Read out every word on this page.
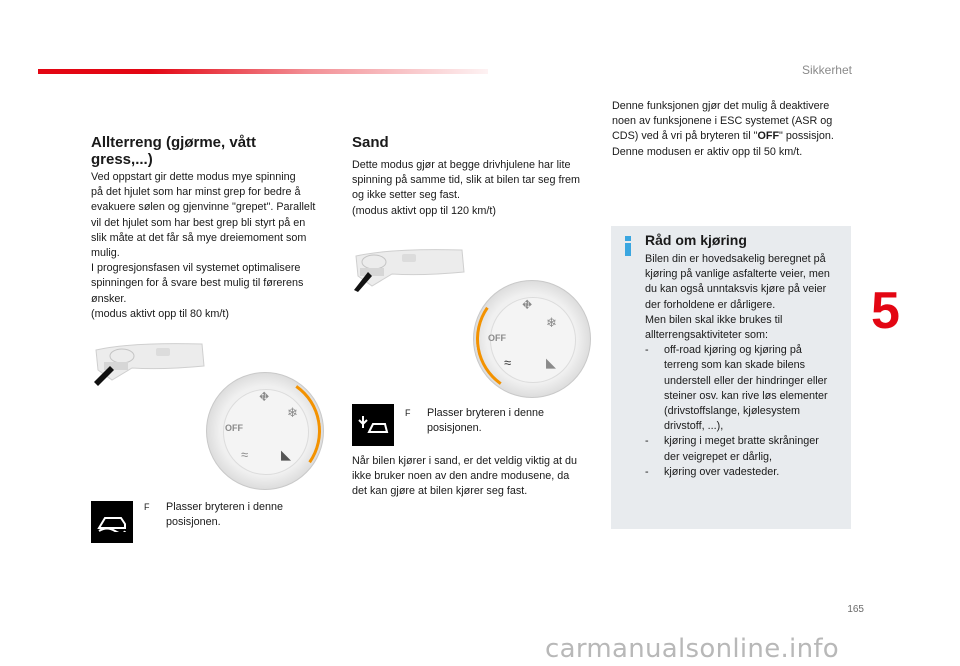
Sikkerhet
5
Allterreng (gjørme, vått gress,...)
Ved oppstart gir dette modus mye spinning
på det hjulet som har minst grep for bedre å
evakuere sølen og gjenvinne "grepet". Parallelt
vil det hjulet som har best grep bli styrt på en
slik måte at det får så mye dreiemoment som
mulig.
I progresjonsfasen vil systemet optimalisere
spinningen for å svare best mulig til førerens
ønsker.
(modus aktivt opp til 80 km/t)
OFF
❄
⛖
≈	◣
F Plasser bryteren i denne
posisjonen.
Sand
Dette modus gjør at begge drivhjulene har lite
spinning på samme tid, slik at bilen tar seg frem
og ikke setter seg fast.
(modus aktivt opp til 120 km/t)
OFF
❄
⛖
≈	◣
F Plasser bryteren i denne
posisjonen.
Når bilen kjører i sand, er det veldig viktig at du
ikke bruker noen av den andre modusene, da
det kan gjøre at bilen kjører seg fast.
Denne funksjonen gjør det mulig å deaktivere
noen av funksjonene i ESC systemet (ASR og
CDS) ved å vri på bryteren til "OFF" possisjon.
Denne modusen er aktiv opp til 50 km/t.
Råd om kjøring
Bilen din er hovedsakelig beregnet på
kjøring på vanlige asfalterte veier, men
du kan også unntaksvis kjøre på veier
der forholdene er dårligere.
Men bilen skal ikke brukes til
allterrengsaktiviteter som:
- off-road kjøring og kjøring på
terreng som kan skade bilens
understell eller der hindringer eller
steiner osv. kan rive løs elementer
(drivstoffslange, kjølesystem
drivstoff, ...),
- kjøring i meget bratte skråninger
der veigrepet er dårlig,
- kjøring over vadesteder.
165
carmanualsonline.info
